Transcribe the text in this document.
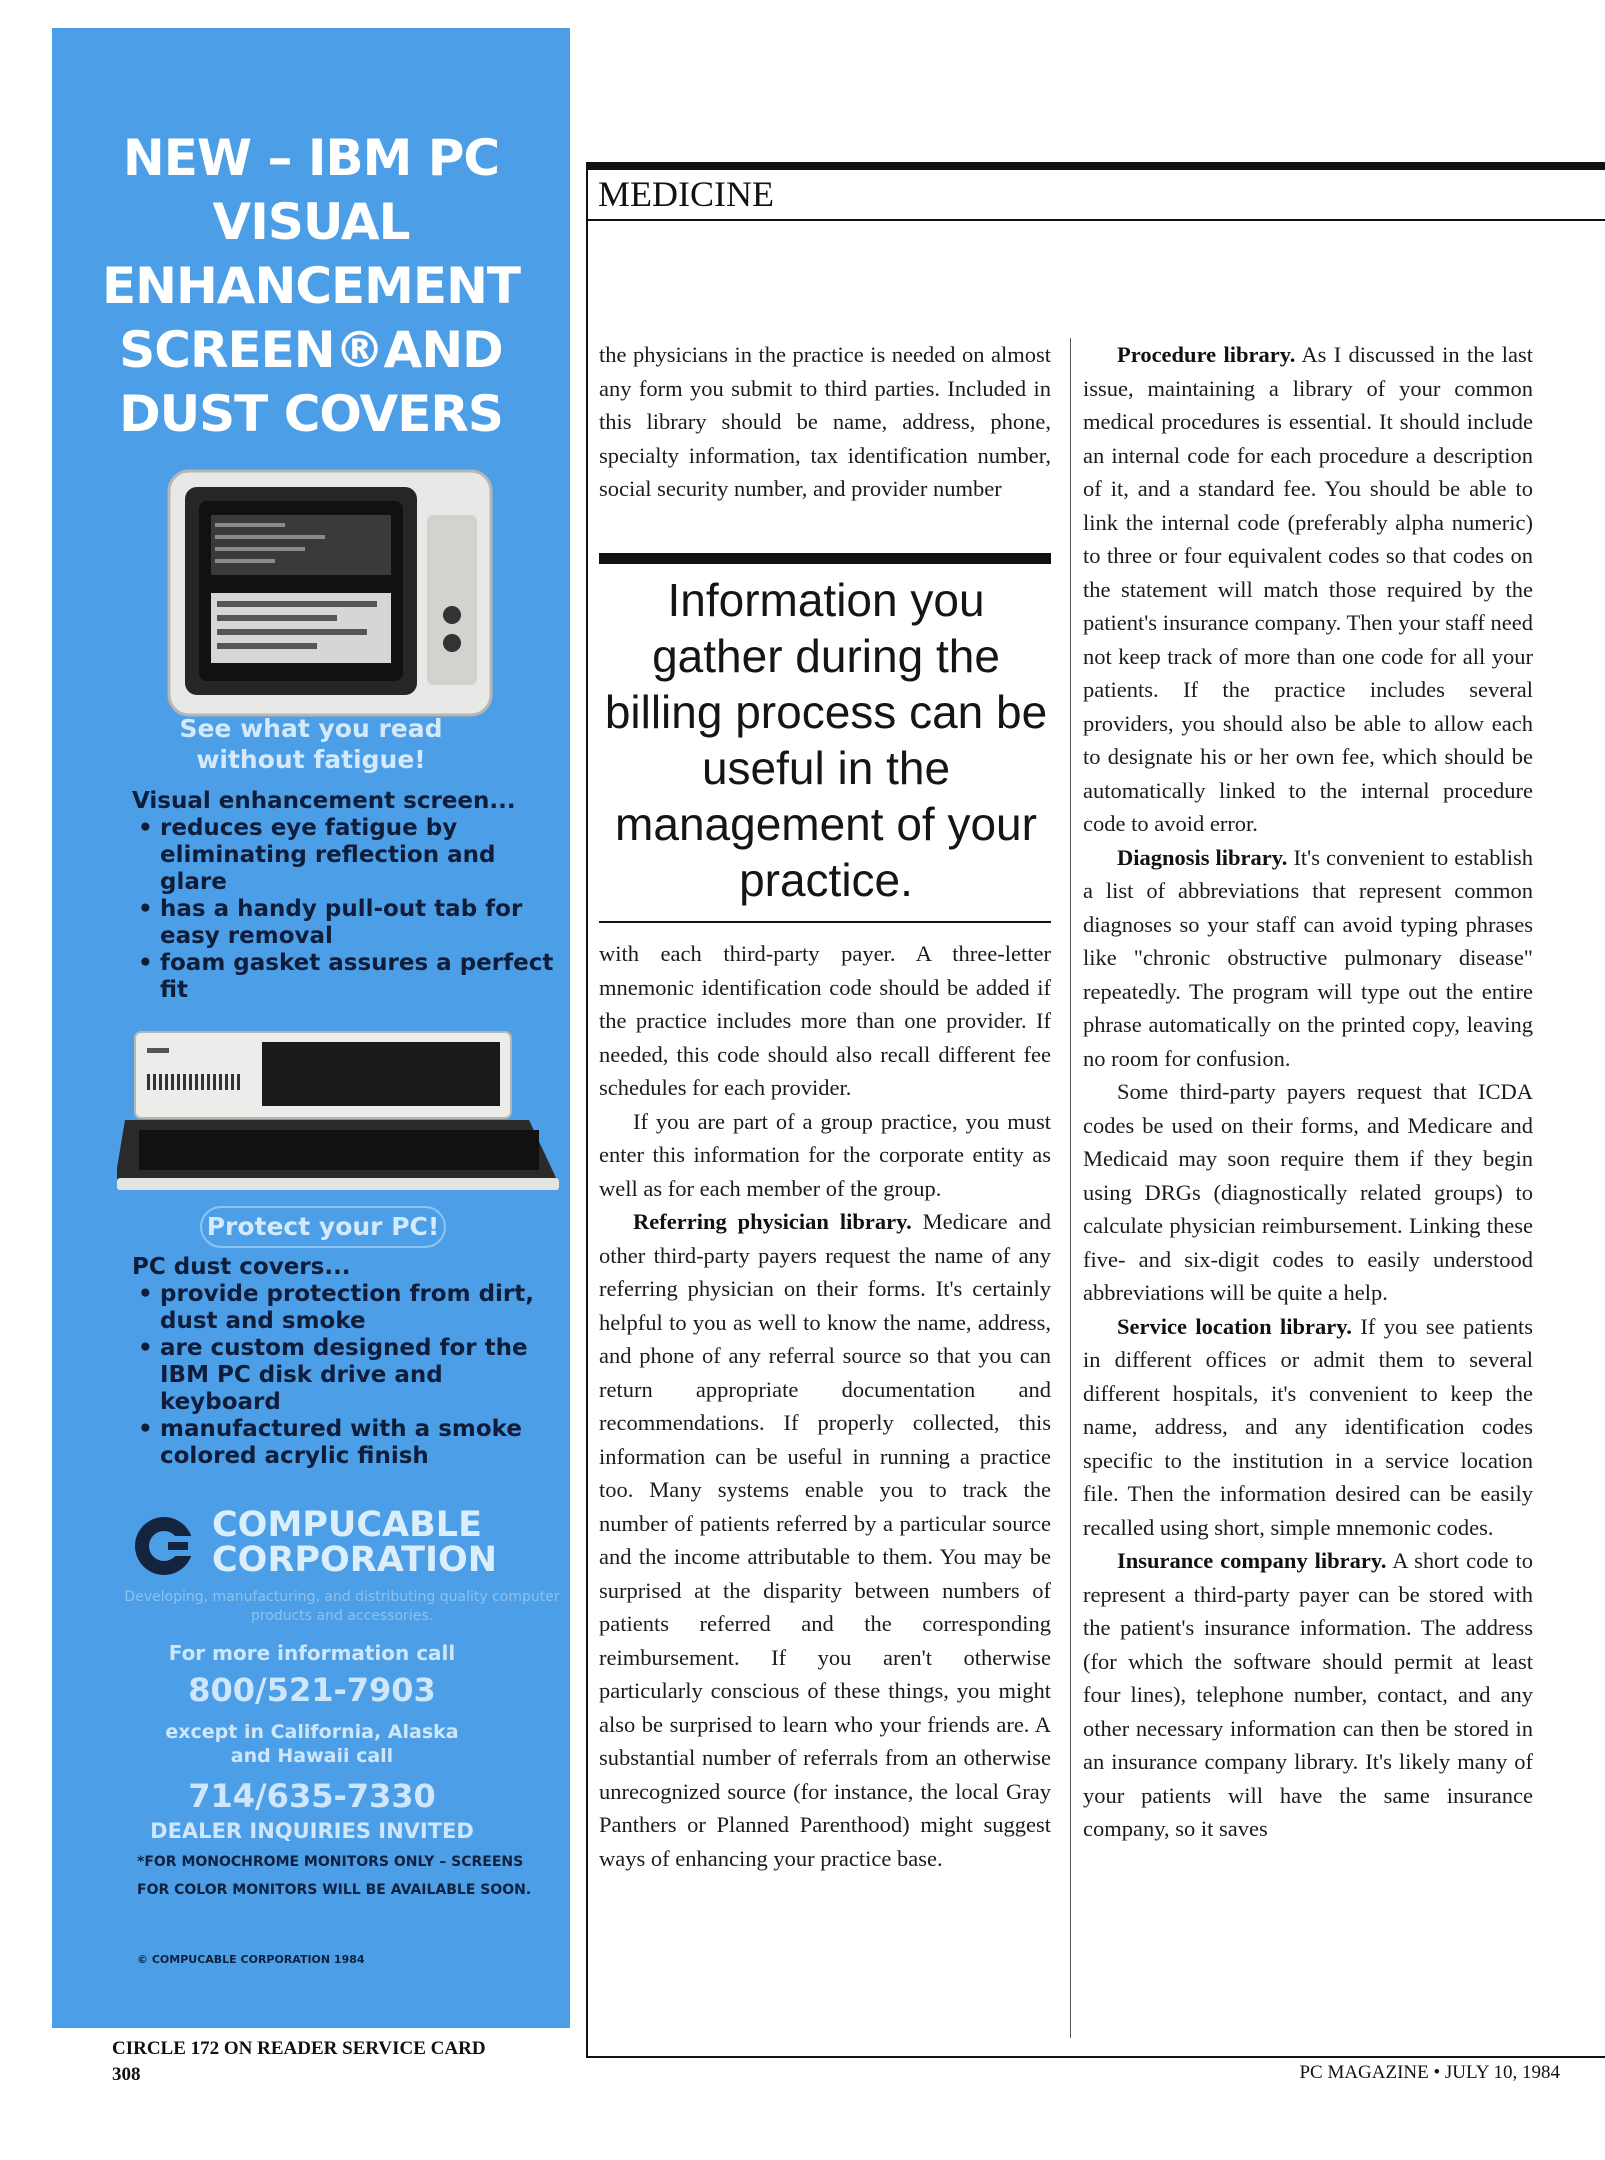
NEW – IBM PC
VISUAL
ENHANCEMENT
SCREEN®AND
DUST COVERS
See what you read without fatigue!
Visual enhancement screen...
• reduces eye fatigue by eliminating reflection and glare
• has a handy pull-out tab for easy removal
• foam gasket assures a perfect fit
Protect your PC!
PC dust covers...
• provide protection from dirt, dust and smoke
• are custom designed for the IBM PC disk drive and keyboard
• manufactured with a smoke colored acrylic finish
COMPUCABLE
CORPORATION
Developing, manufacturing, and distributing quality computer products and accessories.
For more information call
800/521-7903
except in California, Alaska and Hawaii call
714/635-7330
DEALER INQUIRIES INVITED
*FOR MONOCHROME MONITORS ONLY – SCREENS FOR COLOR MONITORS WILL BE AVAILABLE SOON.
© COMPUCABLE CORPORATION 1984
CIRCLE 172 ON READER SERVICE CARD
308
MEDICINE

the physicians in the practice is needed on almost any form you submit to third parties. Included in this library should be name, address, phone, specialty information, tax identification number, social security number, and provider number

Information you gather during the billing process can be useful in the management of your practice.

with each third-party payer. A three-letter mnemonic identification code should be added if the practice includes more than one provider. If needed, this code should also recall different fee schedules for each provider.

If you are part of a group practice, you must enter this information for the corporate entity as well as for each member of the group.

Referring physician library. Medicare and other third-party payers request the name of any referring physician on their forms. It's certainly helpful to you as well to know the name, address, and phone of any referral source so that you can return appropriate documentation and recommendations. If properly collected, this information can be useful in running a practice too. Many systems enable you to track the number of patients referred by a particular source and the income attributable to them. You may be surprised at the disparity between numbers of patients referred and the corresponding reimbursement. If you aren't otherwise particularly conscious of these things, you might also be surprised to learn who your friends are. A substantial number of referrals from an otherwise unrecognized source (for instance, the local Gray Panthers or Planned Parenthood) might suggest ways of enhancing your practice base.

Procedure library. As I discussed in the last issue, maintaining a library of your common medical procedures is essential. It should include an internal code for each procedure a description of it, and a standard fee. You should be able to link the internal code (preferably alpha numeric) to three or four equivalent codes so that codes on the statement will match those required by the patient's insurance company. Then your staff need not keep track of more than one code for all your patients. If the practice includes several providers, you should also be able to allow each to designate his or her own fee, which should be automatically linked to the internal procedure code to avoid error.

Diagnosis library. It's convenient to establish a list of abbreviations that represent common diagnoses so your staff can avoid typing phrases like "chronic obstructive pulmonary disease" repeatedly. The program will type out the entire phrase automatically on the printed copy, leaving no room for confusion.

Some third-party payers request that ICDA codes be used on their forms, and Medicare and Medicaid may soon require them if they begin using DRGs (diagnostically related groups) to calculate physician reimbursement. Linking these five- and six-digit codes to easily understood abbreviations will be quite a help.

Service location library. If you see patients in different offices or admit them to several different hospitals, it's convenient to keep the name, address, and any identification codes specific to the institution in a service location file. Then the information desired can be easily recalled using short, simple mnemonic codes.

Insurance company library. A short code to represent a third-party payer can be stored with the patient's insurance information. The address (for which the software should permit at least four lines), telephone number, contact, and any other necessary information can then be stored in an insurance company library. It's likely many of your patients will have the same insurance company, so it saves

PC MAGAZINE • JULY 10, 1984
